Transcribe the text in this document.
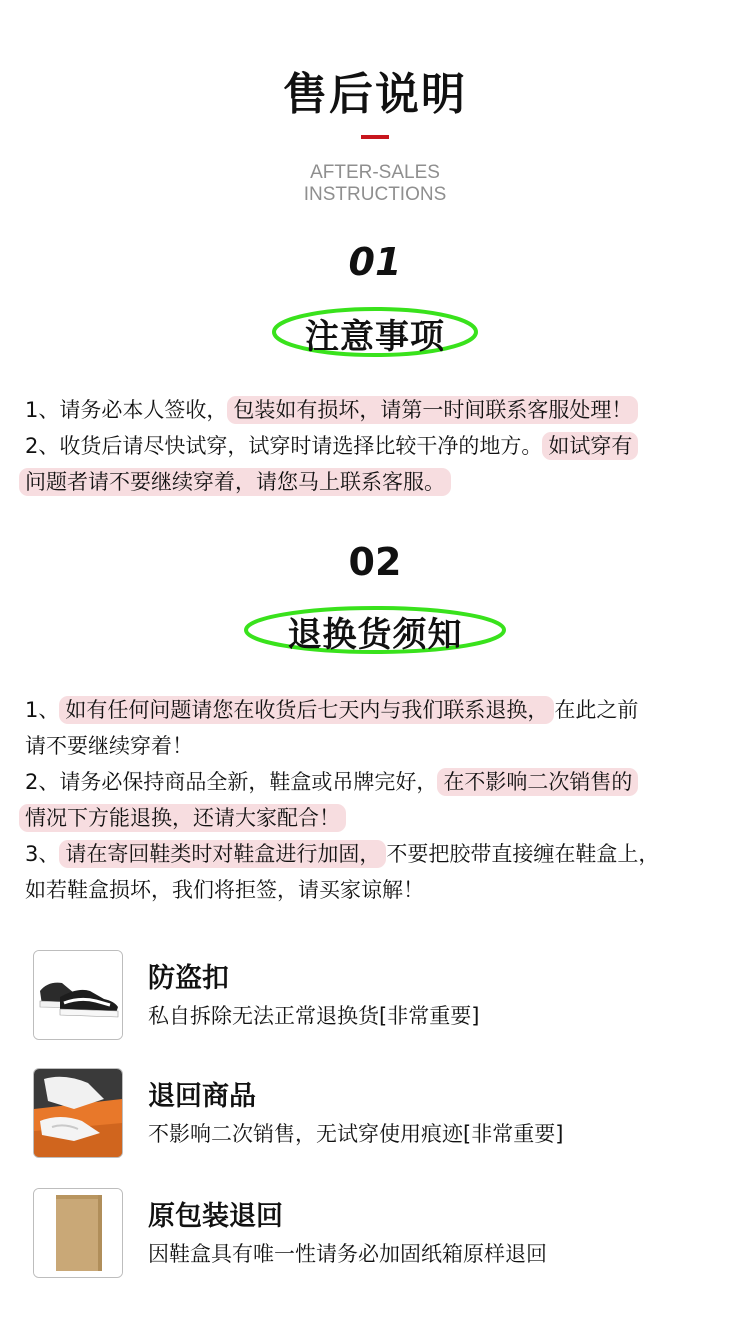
售后说明
AFTER-SALES
INSTRUCTIONS
01
注意事项
1、请务必本人签收， 包装如有损坏，请第一时间联系客服处理！
2、收货后请尽快试穿，试穿时请选择比较干净的地方。 如试穿有
问题者请不要继续穿着，请您马上联系客服。
02
退换货须知
1、 如有任何问题请您在收货后七天内与我们联系退换， 在此之前
请不要继续穿着！
2、请务必保持商品全新，鞋盒或吊牌完好， 在不影响二次销售的
情况下方能退换，还请大家配合！
3、 请在寄回鞋类时对鞋盒进行加固， 不要把胶带直接缠在鞋盒上，
如若鞋盒损坏，我们将拒签，请买家谅解！
防盗扣
私自拆除无法正常退换货[非常重要]
退回商品
不影响二次销售，无试穿使用痕迹[非常重要]
原包装退回
因鞋盒具有唯一性请务必加固纸箱原样退回
